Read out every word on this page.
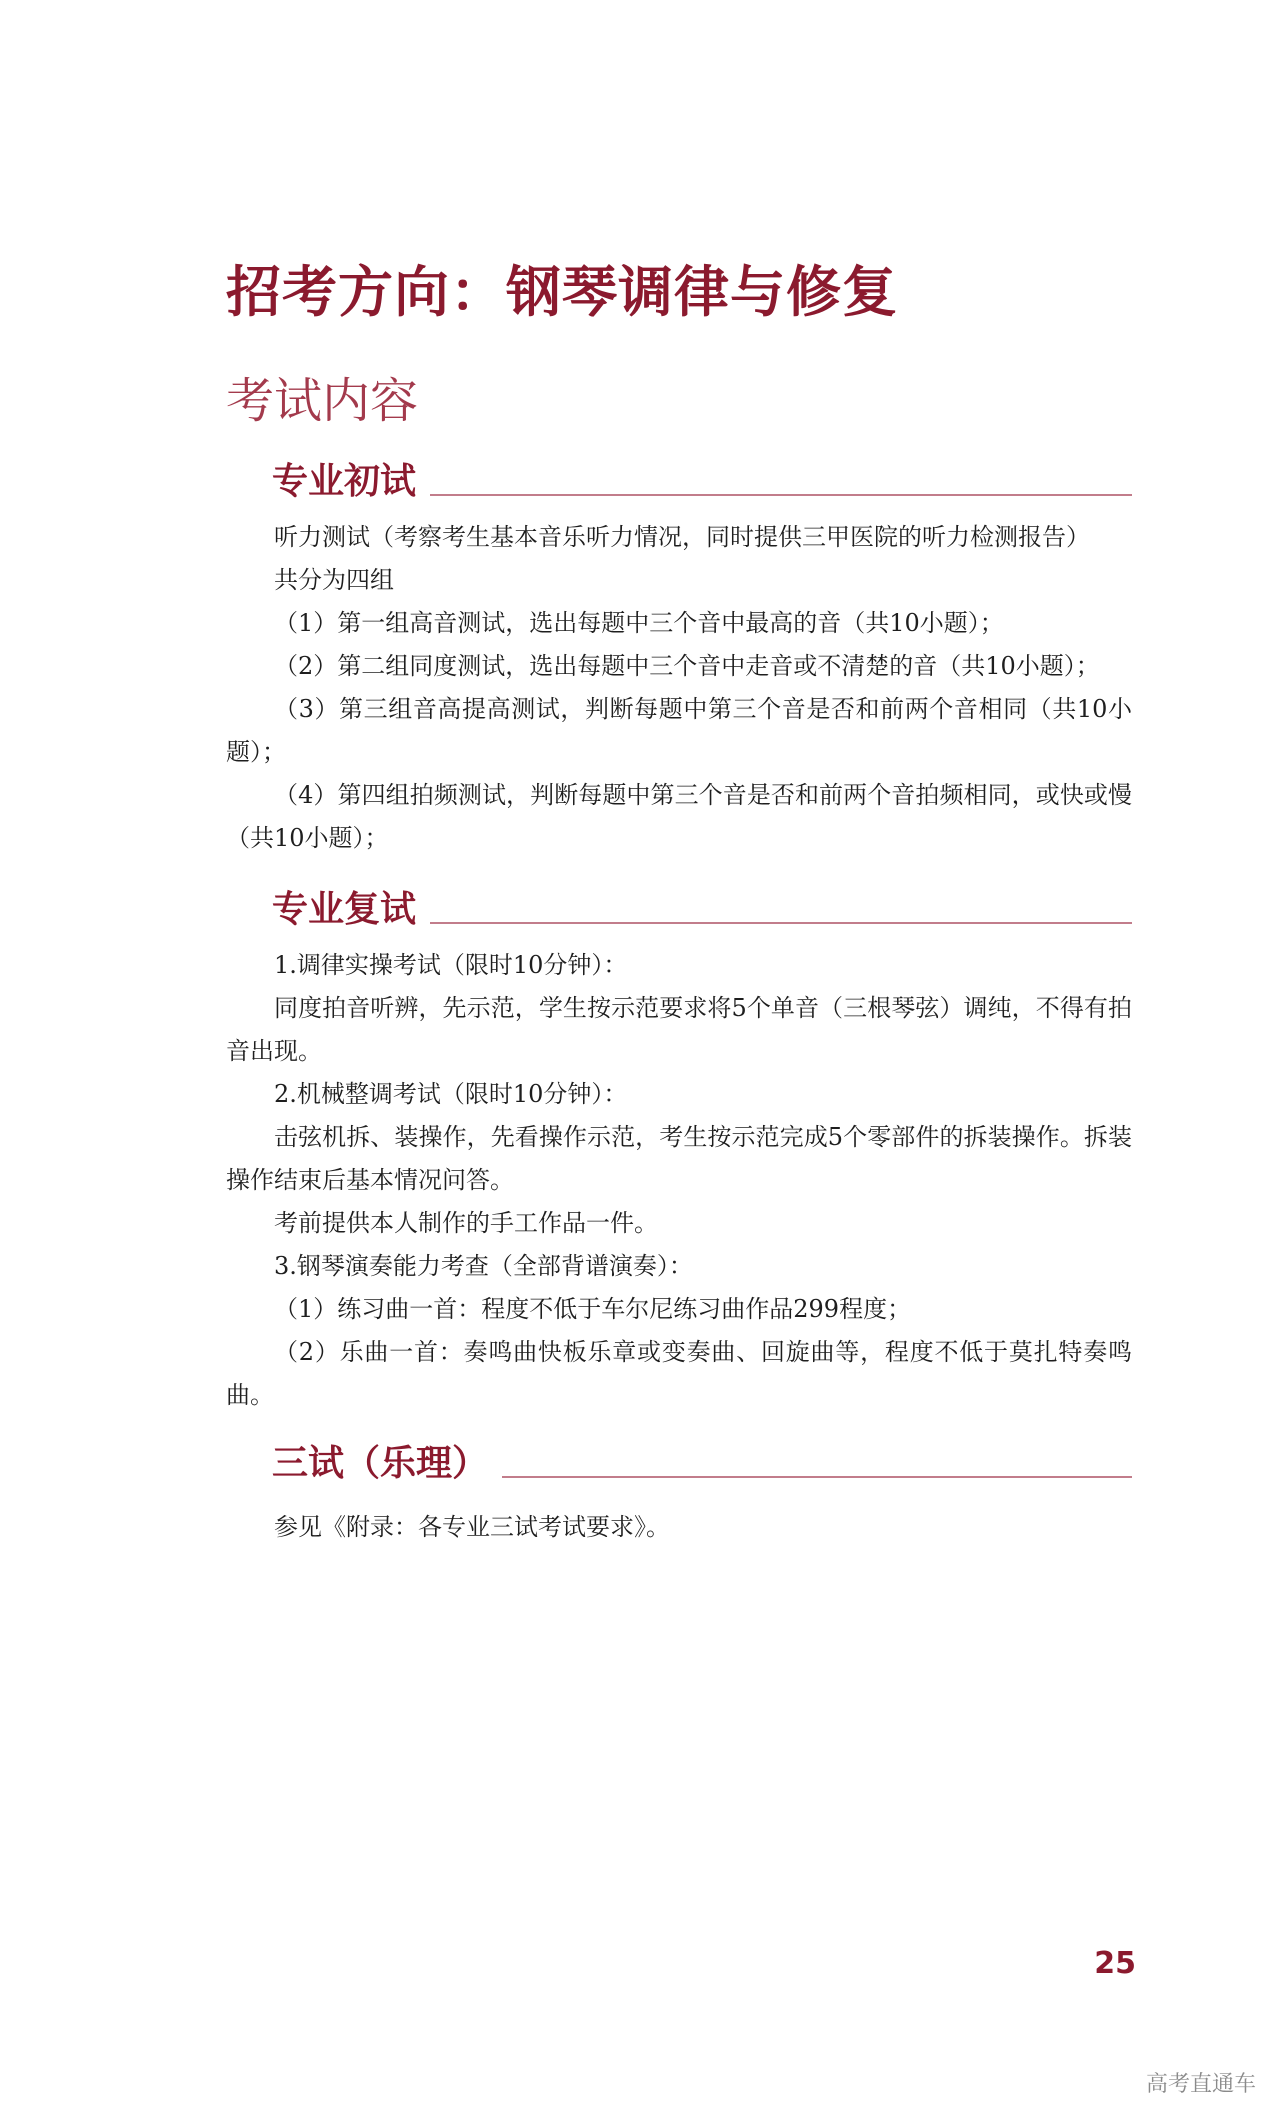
招考方向：钢琴调律与修复
考试内容
专业初试

听力测试（考察考生基本音乐听力情况，同时提供三甲医院的听力检测报告）

共分为四组

（1）第一组高音测试，选出每题中三个音中最高的音（共10小题）；

（2）第二组同度测试，选出每题中三个音中走音或不清楚的音（共10小题）；

（3）第三组音高提高测试，判断每题中第三个音是否和前两个音相同（共10小题）；

（4）第四组拍频测试，判断每题中第三个音是否和前两个音拍频相同，或快或慢（共10小题）；

专业复试

1.调律实操考试（限时10分钟）：

同度拍音听辨，先示范，学生按示范要求将5个单音（三根琴弦）调纯，不得有拍音出现。

2.机械整调考试（限时10分钟）：

击弦机拆、装操作，先看操作示范，考生按示范完成5个零部件的拆装操作。拆装操作结束后基本情况问答。

考前提供本人制作的手工作品一件。

3.钢琴演奏能力考查（全部背谱演奏）：

（1）练习曲一首：程度不低于车尔尼练习曲作品299程度；

（2）乐曲一首：奏鸣曲快板乐章或变奏曲、回旋曲等，程度不低于莫扎特奏鸣曲。

三试（乐理）

参见《附录：各专业三试考试要求》。

25
高考直通车
